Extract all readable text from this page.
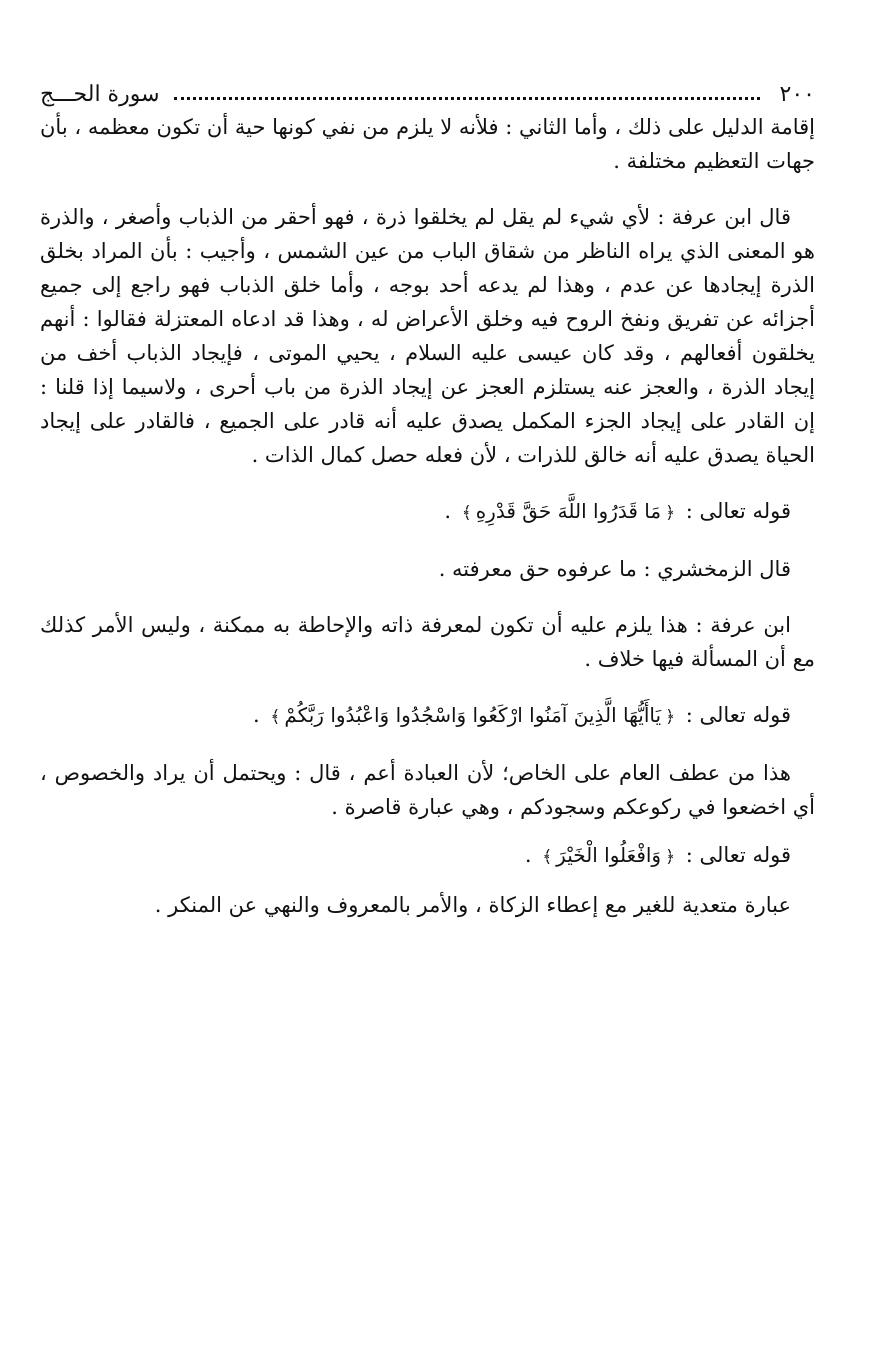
٢٠٠
سورة الحـــج

إقامة الدليل على ذلك ، وأما الثاني : فلأنه لا يلزم من نفي كونها حية أن تكون معظمه ، بأن جهات التعظيم مختلفة .

قال ابن عرفة : لأي شيء لم يقل لم يخلقوا ذرة ، فهو أحقر من الذباب وأصغر ، والذرة هو المعنى الذي يراه الناظر من شقاق الباب من عين الشمس ، وأجيب : بأن المراد بخلق الذرة إيجادها عن عدم ، وهذا لم يدعه أحد بوجه ، وأما خلق الذباب فهو راجع إلى جميع أجزائه عن تفريق ونفخ الروح فيه وخلق الأعراض له ، وهذا قد ادعاه المعتزلة فقالوا : أنهم يخلقون أفعالهم ، وقد كان عيسى عليه السلام ، يحيي الموتى ، فإيجاد الذباب أخف من إيجاد الذرة ، والعجز عنه يستلزم العجز عن إيجاد الذرة من باب أحرى ، ولاسيما إذا قلنا : إن القادر على إيجاد الجزء المكمل يصدق عليه أنه قادر على الجميع ، فالقادر على إيجاد الحياة يصدق عليه أنه خالق للذرات ، لأن فعله حصل كمال الذات .

قوله تعالى : ﴿مَا قَدَرُوا اللَّهَ حَقَّ قَدْرِهِ﴾ .

قال الزمخشري : ما عرفوه حق معرفته .

ابن عرفة : هذا يلزم عليه أن تكون لمعرفة ذاته والإحاطة به ممكنة ، وليس الأمر كذلك مع أن المسألة فيها خلاف .

قوله تعالى : ﴿يَاأَيُّهَا الَّذِينَ آمَنُوا ارْكَعُوا وَاسْجُدُوا وَاعْبُدُوا رَبَّكُمْ﴾ .

هذا من عطف العام على الخاص؛ لأن العبادة أعم ، قال : ويحتمل أن يراد والخصوص ، أي اخضعوا في ركوعكم وسجودكم ، وهي عبارة قاصرة .

قوله تعالى : ﴿وَافْعَلُوا الْخَيْرَ﴾ .

عبارة متعدية للغير مع إعطاء الزكاة ، والأمر بالمعروف والنهي عن المنكر .
